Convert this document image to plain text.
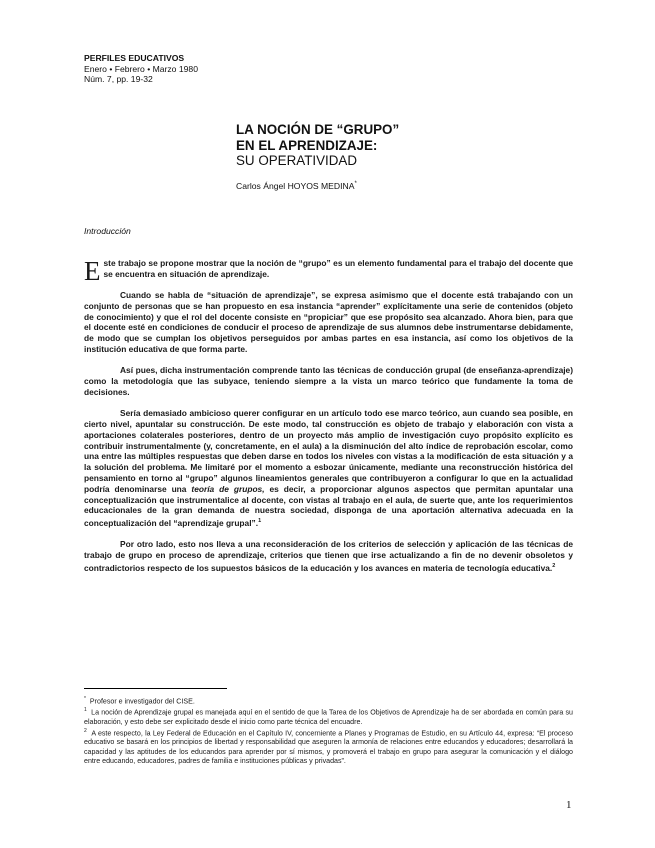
PERFILES EDUCATIVOS
Enero • Febrero • Marzo 1980
Núm. 7, pp. 19-32
LA NOCIÓN DE “GRUPO”
EN EL APRENDIZAJE:
SU OPERATIVIDAD
Carlos Ángel HOYOS MEDINA*
Introducción

Este trabajo se propone mostrar que la noción de “grupo” es un elemento fundamental para el trabajo del docente que se encuentra en situación de aprendizaje.

Cuando se habla de “situación de aprendizaje”, se expresa asimismo que el docente está trabajando con un conjunto de personas que se han propuesto en esa instancia “aprender” explícitamente una serie de contenidos (objeto de conocimiento) y que el rol del docente consiste en “propiciar” que ese propósito sea alcanzado. Ahora bien, para que el docente esté en condiciones de conducir el proceso de aprendizaje de sus alumnos debe instrumentarse debidamente, de modo que se cumplan los objetivos perseguidos por ambas partes en esa instancia, así como los objetivos de la institución educativa de que forma parte.

Así pues, dicha instrumentación comprende tanto las técnicas de conducción grupal (de enseñanza-aprendizaje) como la metodología que las subyace, teniendo siempre a la vista un marco teórico que fundamente la toma de decisiones.

Sería demasiado ambicioso querer configurar en un artículo todo ese marco teórico, aun cuando sea posible, en cierto nivel, apuntalar su construcción. De este modo, tal construcción es objeto de trabajo y elaboración con vista a aportaciones colaterales posteriores, dentro de un proyecto más amplio de investigación cuyo propósito explícito es contribuir instrumentalmente (y, concretamente, en el aula) a la disminución del alto índice de reprobación escolar, como una entre las múltiples respuestas que deben darse en todos los niveles con vistas a la modificación de esta situación y a la solución del problema. Me limitaré por el momento a esbozar únicamente, mediante una reconstrucción histórica del pensamiento en torno al “grupo” algunos lineamientos generales que contribuyeron a configurar lo que en la actualidad podría denominarse una teoría de grupos, es decir, a proporcionar algunos aspectos que permitan apuntalar una conceptualización que instrumentalice al docente, con vistas al trabajo en el aula, de suerte que, ante los requerimientos educacionales de la gran demanda de nuestra sociedad, disponga de una aportación alternativa adecuada en la conceptualización del “aprendizaje grupal”.$^1$

Por otro lado, esto nos lleva a una reconsideración de los criterios de selección y aplicación de las técnicas de trabajo de grupo en proceso de aprendizaje, criterios que tienen que irse actualizando a fin de no devenir obsoletos y contradictorios respecto de los supuestos básicos de la educación y los avances en materia de tecnología educativa.$^2$

* Profesor e investigador del CISE.

$^1$ La noción de Aprendizaje grupal es manejada aquí en el sentido de que la Tarea de los Objetivos de Aprendizaje ha de ser abordada en común para su elaboración, y esto debe ser explicitado desde el inicio como parte técnica del encuadre.

$^2$ A este respecto, la Ley Federal de Educación en el Capítulo IV, concerniente a Planes y Programas de Estudio, en su Artículo 44, expresa: “El proceso educativo se basará en los principios de libertad y responsabilidad que aseguren la armonía de relaciones entre educandos y educadores; desarrollará la capacidad y las aptitudes de los educandos para aprender por sí mismos, y promoverá el trabajo en grupo para asegurar la comunicación y el diálogo entre educando, educadores, padres de familia e instituciones públicas y privadas”.

1
